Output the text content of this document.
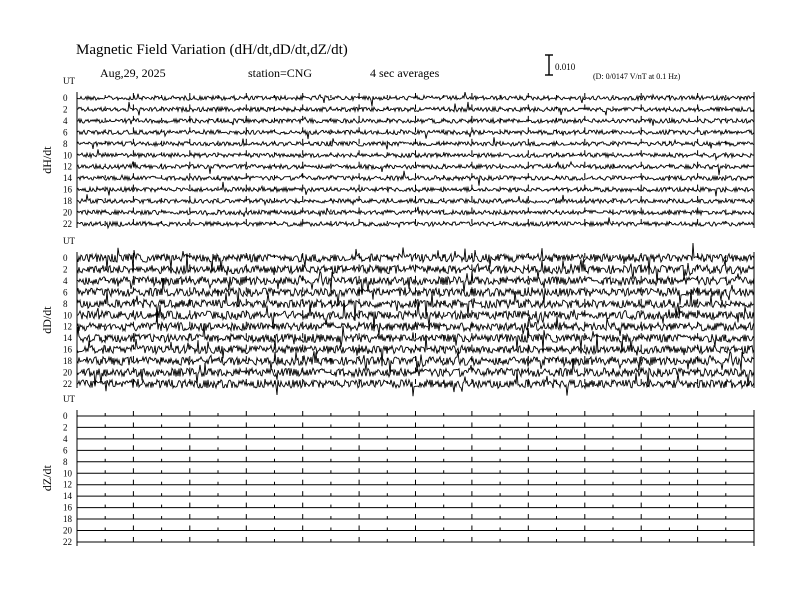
Magnetic Field Variation (dH/dt,dD/dt,dZ/dt)
Aug,29, 2025	station=CNG	4 sec averages	0.010
(D: 0/0147 V/nT at 0.1 Hz)
UT
dH/dt
0
2
4
6
8
10
12
14
16
18
20
22
UT
dD/dt
0
2
4
6
8
10
12
14
16
18
20
22
UT
dZ/dt
0
2
4
6
8
10
12
14
16
18
20
22
